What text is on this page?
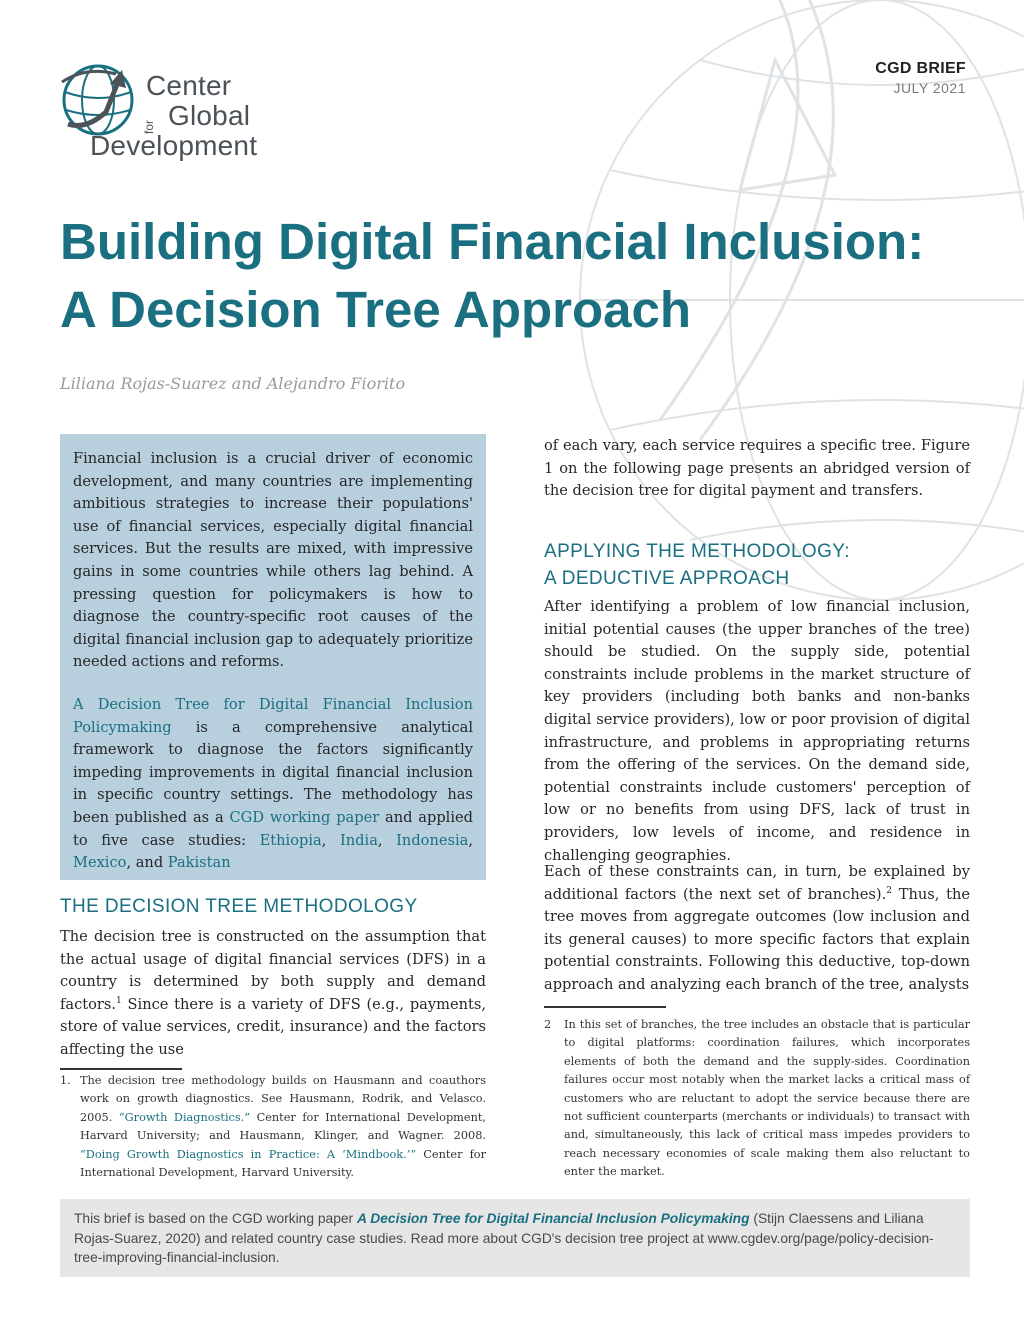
Center
for Global
Development
CGD BRIEF
JULY 2021
Building Digital Financial Inclusion:
A Decision Tree Approach
Liliana Rojas-Suarez and Alejandro Fiorito

Financial inclusion is a crucial driver of economic development, and many countries are implementing ambitious strategies to increase their populations' use of financial services, especially digital financial services. But the results are mixed, with impressive gains in some countries while others lag behind. A pressing question for policymakers is how to diagnose the country-specific root causes of the digital financial inclusion gap to adequately prioritize needed actions and reforms.

A Decision Tree for Digital Financial Inclusion Policymaking is a comprehensive analytical framework to diagnose the factors significantly impeding improvements in digital financial inclusion in specific country settings. The methodology has been published as a CGD working paper and applied to five case studies: Ethiopia, India, Indonesia, Mexico, and Pakistan

THE DECISION TREE METHODOLOGY

The decision tree is constructed on the assumption that the actual usage of digital financial services (DFS) in a country is determined by both supply and demand factors.$^1$ Since there is a variety of DFS (e.g., payments, store of value services, credit, insurance) and the factors affecting the use

1. The decision tree methodology builds on Hausmann and coauthors work on growth diagnostics. See Hausmann, Rodrik, and Velasco. 2005. “Growth Diagnostics.” Center for International Development, Harvard University; and Hausmann, Klinger, and Wagner. 2008. “Doing Growth Diagnostics in Practice: A ‘Mindbook.’” Center for International Development, Harvard University.

of each vary, each service requires a specific tree. Figure 1 on the following page presents an abridged version of the decision tree for digital payment and transfers.

APPLYING THE METHODOLOGY:
A DEDUCTIVE APPROACH

After identifying a problem of low financial inclusion, initial potential causes (the upper branches of the tree) should be studied. On the supply side, potential constraints include problems in the market structure of key providers (including both banks and non-banks digital service providers), low or poor provision of digital infrastructure, and problems in appropriating returns from the offering of the services. On the demand side, potential constraints include customers' perception of low or no benefits from using DFS, lack of trust in providers, low levels of income, and residence in challenging geographies.

Each of these constraints can, in turn, be explained by additional factors (the next set of branches).$^2$ Thus, the tree moves from aggregate outcomes (low inclusion and its general causes) to more specific factors that explain potential constraints. Following this deductive, top-down approach and analyzing each branch of the tree, analysts

2 In this set of branches, the tree includes an obstacle that is particular to digital platforms: coordination failures, which incorporates elements of both the demand and the supply-sides. Coordination failures occur most notably when the market lacks a critical mass of customers who are reluctant to adopt the service because there are not sufficient counterparts (merchants or individuals) to transact with and, simultaneously, this lack of critical mass impedes providers to reach necessary economies of scale making them also reluctant to enter the market.

This brief is based on the CGD working paper A Decision Tree for Digital Financial Inclusion Policymaking (Stijn Claessens and Liliana Rojas-Suarez, 2020) and related country case studies. Read more about CGD's decision tree project at www.cgdev.org/page/policy-decision-tree-improving-financial-inclusion.
